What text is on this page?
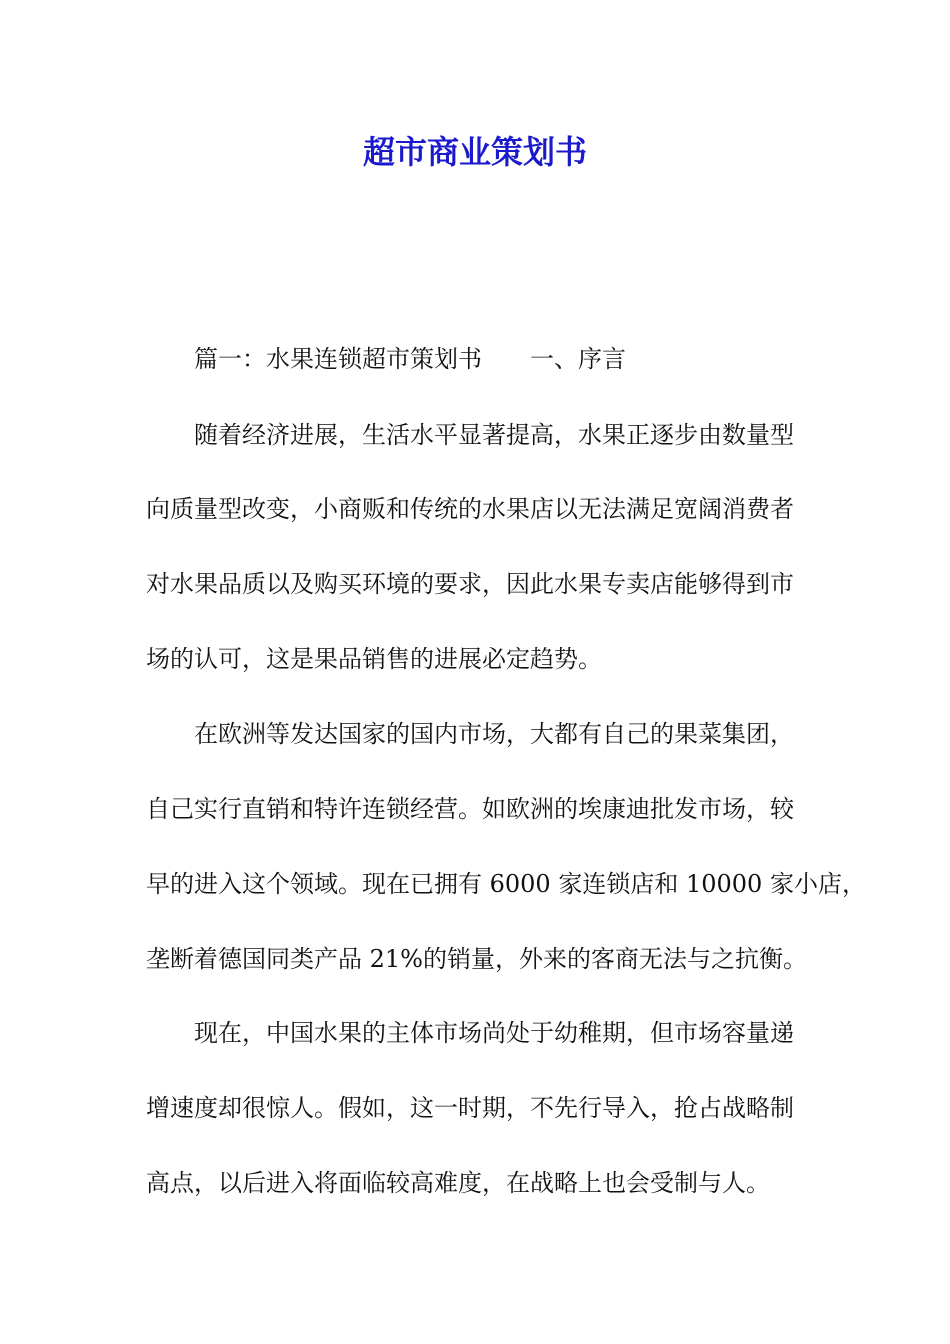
超市商业策划书
篇一：水果连锁超市策划书 一、序言
随着经济进展，生活水平显著提高，水果正逐步由数量型
向质量型改变，小商贩和传统的水果店以无法满足宽阔消费者
对水果品质以及购买环境的要求，因此水果专卖店能够得到市
场的认可，这是果品销售的进展必定趋势。
在欧洲等发达国家的国内市场，大都有自己的果菜集团，
自己实行直销和特许连锁经营。如欧洲的埃康迪批发市场，较
早的进入这个领域。现在已拥有 6000 家连锁店和 10000 家小店，
垄断着德国同类产品 21%的销量，外来的客商无法与之抗衡。
现在，中国水果的主体市场尚处于幼稚期，但市场容量递
增速度却很惊人。假如，这一时期，不先行导入，抢占战略制
高点，以后进入将面临较高难度，在战略上也会受制与人。
